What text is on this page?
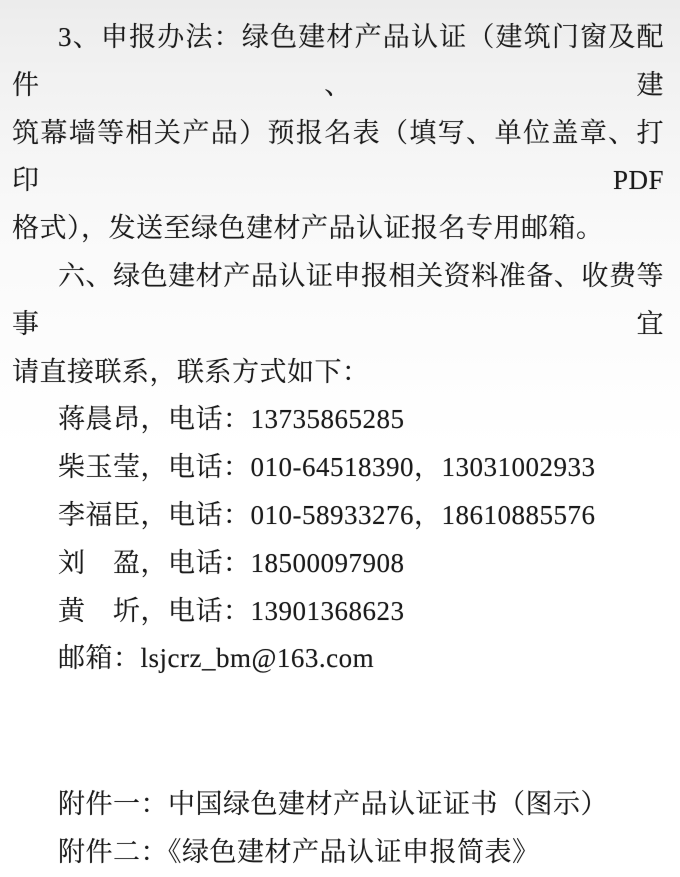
3、申报办法：绿色建材产品认证（建筑门窗及配件、建
筑幕墙等相关产品）预报名表（填写、单位盖章、打印 PDF
格式），发送至绿色建材产品认证报名专用邮箱。
六、绿色建材产品认证申报相关资料准备、收费等事宜
请直接联系，联系方式如下：
蒋晨昂，电话：13735865285
柴玉莹，电话：010-64518390，13031002933
李福臣，电话：010-58933276，18610885576
刘　盈，电话：18500097908
黄　圻，电话：13901368623
邮箱：lsjcrz_bm@163.com
附件一：中国绿色建材产品认证证书（图示）
附件二：《绿色建材产品认证申报简表》
